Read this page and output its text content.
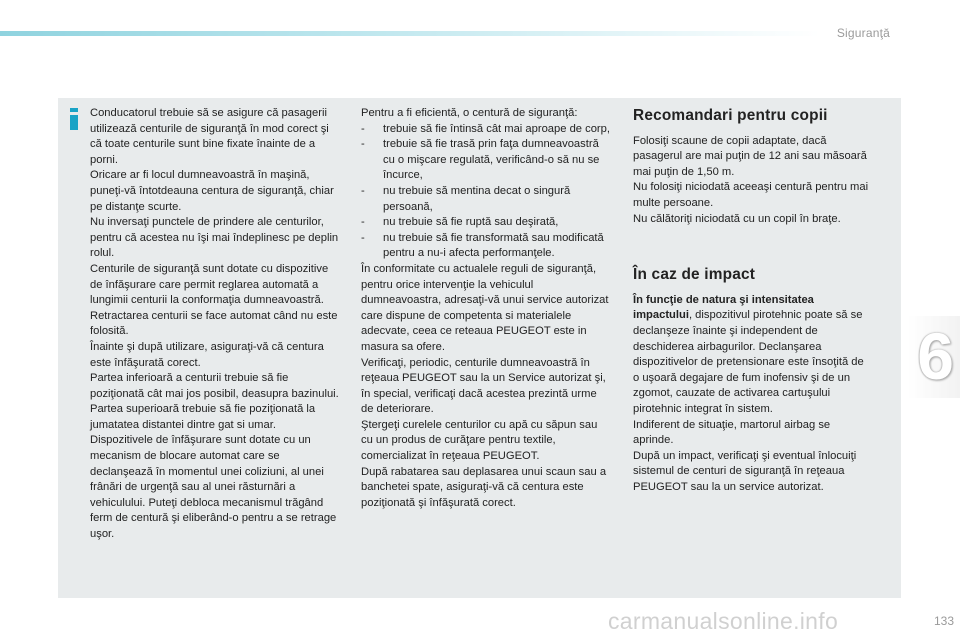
Siguranţă

Conducatorul trebuie să se asigure că pasagerii utilizează centurile de siguranţă în mod corect şi că toate centurile sunt bine fixate înainte de a porni.

Oricare ar fi locul dumneavoastră în maşină, puneţi-vă întotdeauna centura de siguranţă, chiar pe distanţe scurte.

Nu inversaţi punctele de prindere ale centurilor, pentru că acestea nu îşi mai îndeplinesc pe deplin rolul.

Centurile de siguranţă sunt dotate cu dispozitive de înfăşurare care permit reglarea automată a lungimii centurii la conformaţia dumneavoastră. Retractarea centurii se face automat când nu este folosită.

Înainte şi după utilizare, asiguraţi-vă că centura este înfăşurată corect.

Partea inferioară a centurii trebuie să fie poziţionată cât mai jos posibil, deasupra bazinului.

Partea superioară trebuie să fie poziţionată la jumatatea distantei dintre gat si umar.

Dispozitivele de înfăşurare sunt dotate cu un mecanism de blocare automat care se declanşează în momentul unei coliziuni, al unei frânări de urgenţă sau al unei răsturnări a vehiculului. Puteţi debloca mecanismul trăgând ferm de centură şi eliberând-o pentru a se retrage uşor.

Pentru a fi eficientă, o centură de siguranţă:

-	trebuie să fie întinsă cât mai aproape de corp,
-	trebuie să fie trasă prin faţa dumneavoastră cu o mişcare regulată, verificând-o să nu se încurce,
-	nu trebuie să mentina decat o singură persoană,
-	nu trebuie să fie ruptă sau deşirată,
-	nu trebuie să fie transformată sau modificată pentru a nu-i afecta performanţele.

În conformitate cu actualele reguli de siguranţă, pentru orice intervenţie la vehiculul dumneavoastra, adresaţi-vă unui service autorizat care dispune de competenta si materialele adecvate, ceea ce reteaua PEUGEOT este in masura sa ofere.

Verificaţi, periodic, centurile dumneavoastră în reţeaua PEUGEOT sau la un Service autorizat şi, în special, verificaţi dacă acestea prezintă urme de deteriorare.

Ştergeţi curelele centurilor cu apă cu săpun sau cu un produs de curăţare pentru textile, comercializat în reţeaua PEUGEOT.

După rabatarea sau deplasarea unui scaun sau a banchetei spate, asiguraţi-vă că centura este poziţionată şi înfăşurată corect.

Recomandari pentru copii

Folosiţi scaune de copii adaptate, dacă pasagerul are mai puţin de 12 ani sau măsoară mai puţin de 1,50 m.

Nu folosiţi niciodată aceeaşi centură pentru mai multe persoane.

Nu călătoriţi niciodată cu un copil în braţe.

În caz de impact

În funcţie de natura şi intensitatea impactului, dispozitivul pirotehnic poate să se declanşeze înainte şi independent de deschiderea airbagurilor. Declanşarea dispozitivelor de pretensionare este însoţită de o uşoară degajare de fum inofensiv şi de un zgomot, cauzate de activarea cartuşului pirotehnic integrat în sistem.

Indiferent de situaţie, martorul airbag se aprinde.

După un impact, verificaţi şi eventual înlocuiţi sistemul de centuri de siguranţă în reţeaua PEUGEOT sau la un service autorizat.

6
carmanualsonline.info	133
